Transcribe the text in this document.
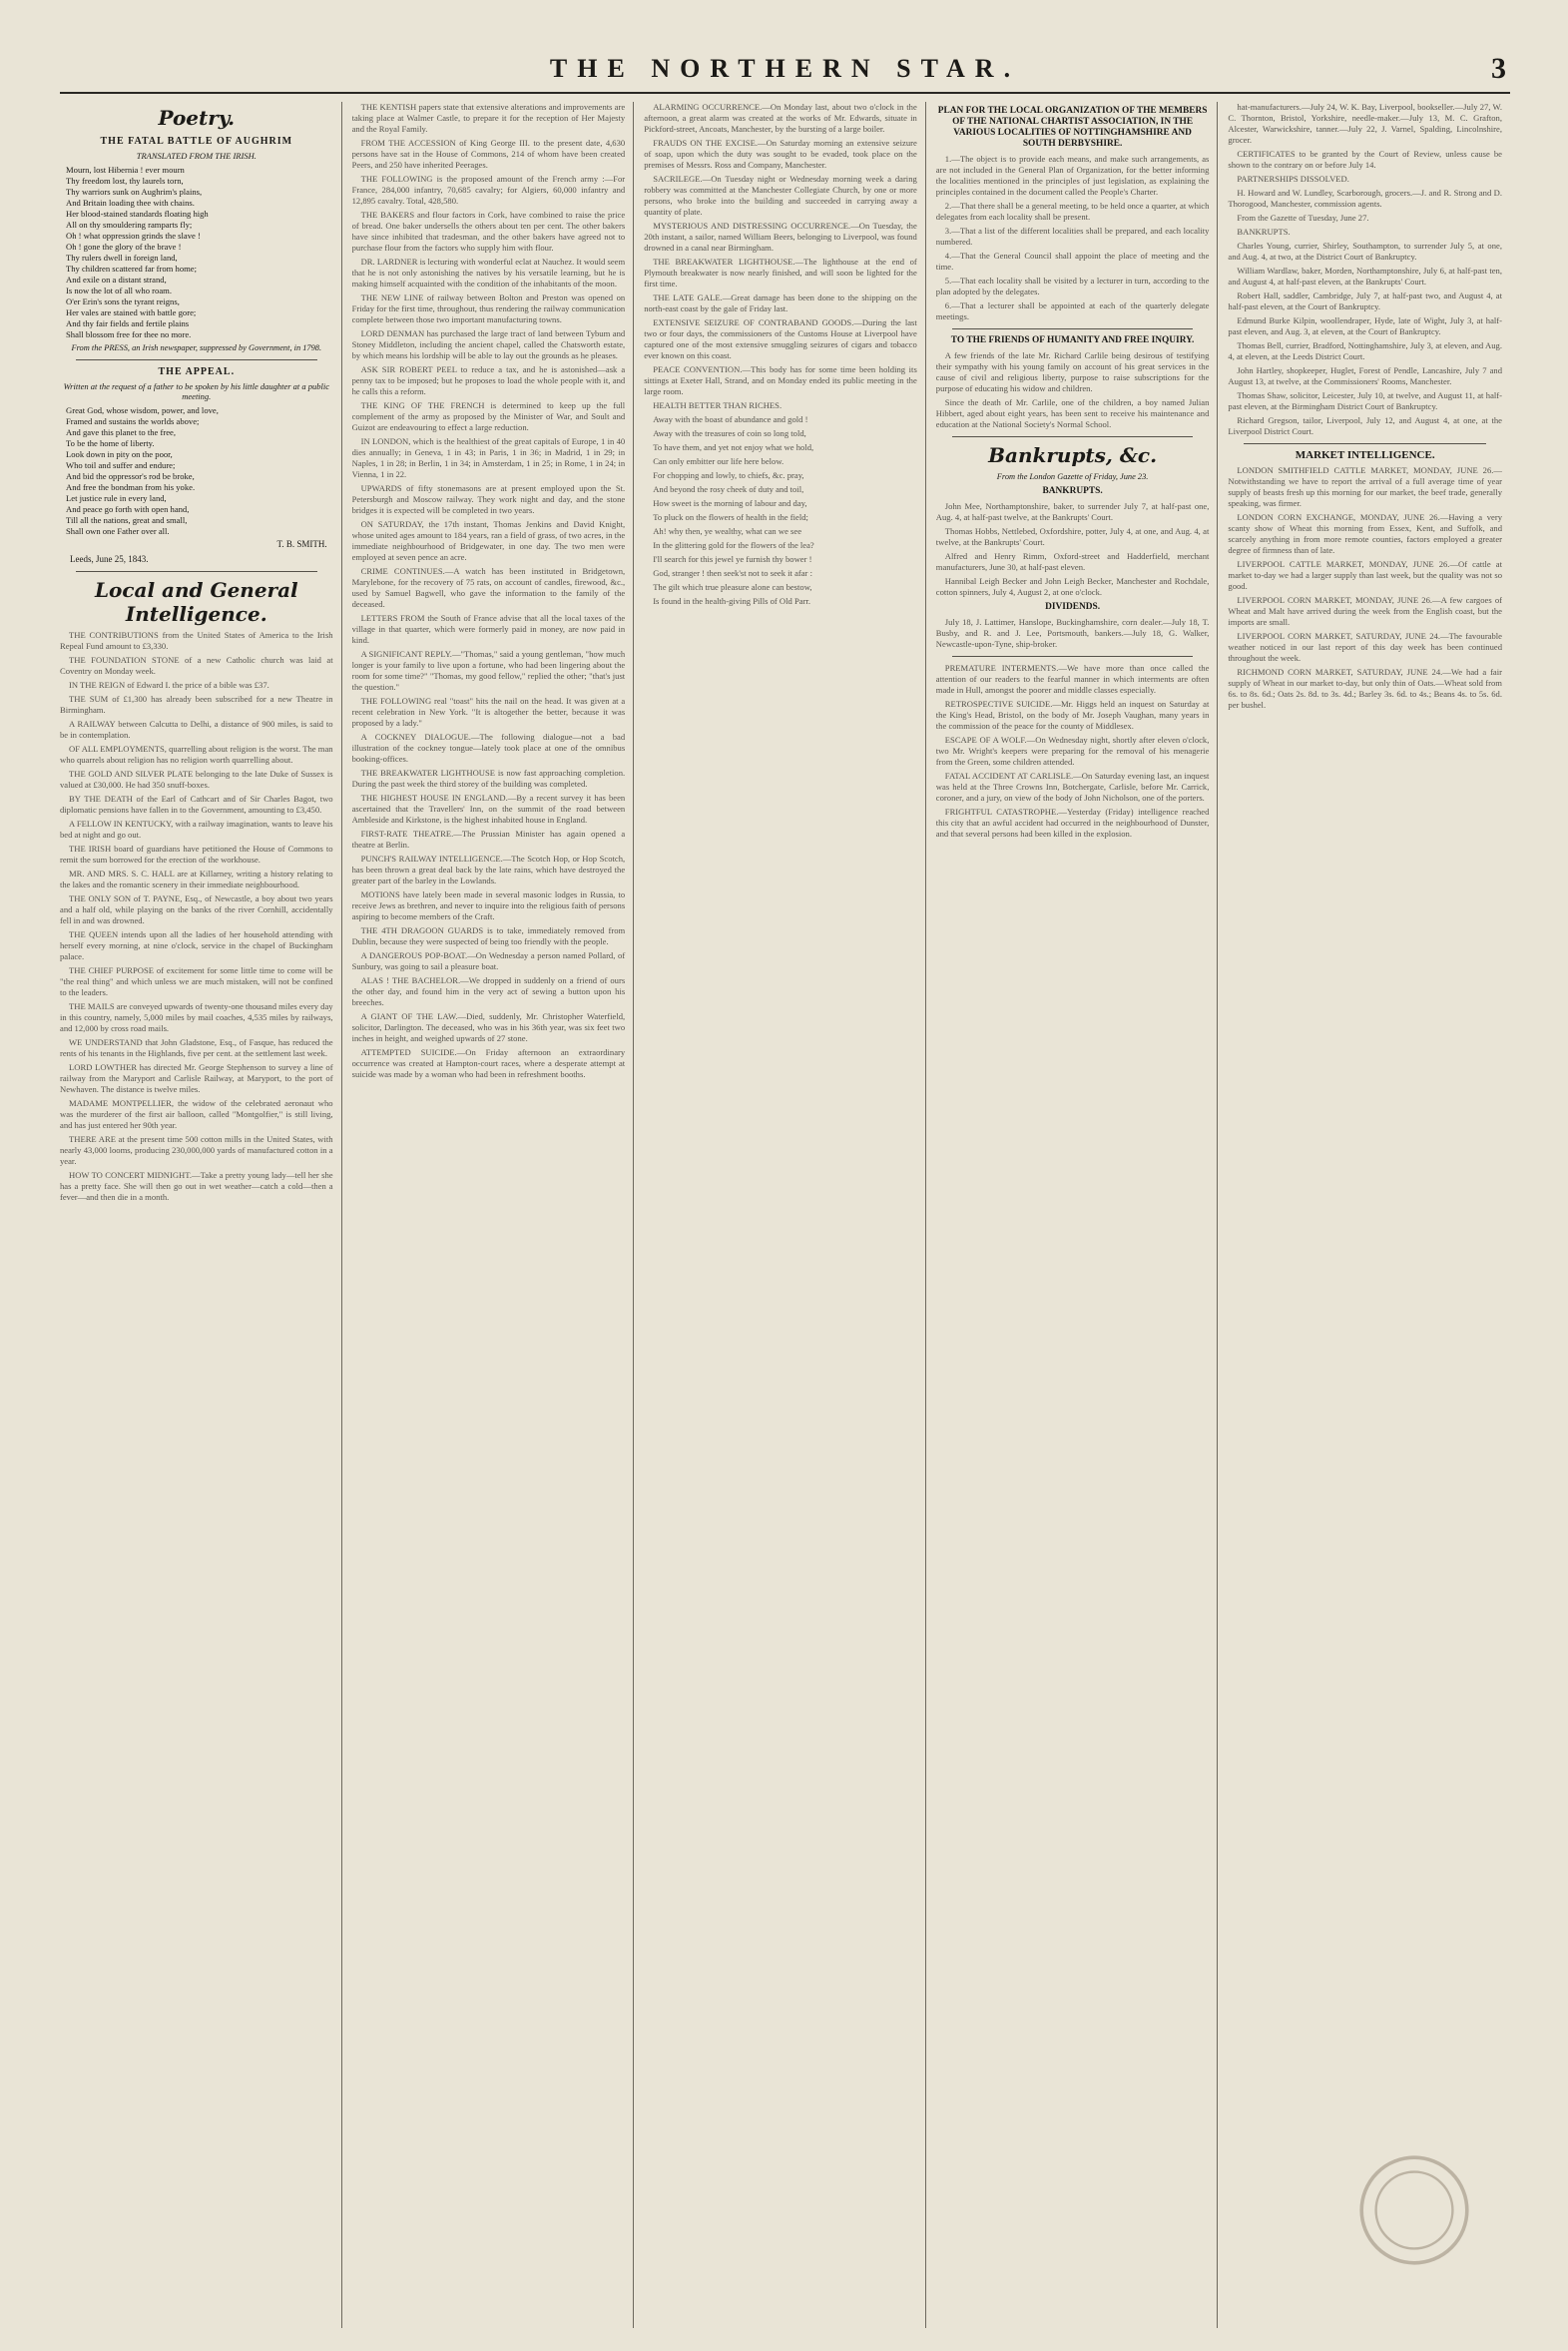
THE NORTHERN STAR.	3
Poetry.
THE FATAL BATTLE OF AUGHRIM
TRANSLATED FROM THE IRISH.

Mourn, lost Hibernia ! ever mourn

Thy freedom lost, thy laurels torn,

Thy warriors sunk on Aughrim's plains,

And Britain loading thee with chains.

Her blood-stained standards floating high

All on thy smouldering ramparts fly;

Oh ! what oppression grinds the slave !

Oh ! gone the glory of the brave !

Thy rulers dwell in foreign land,

Thy children scattered far from home;

And exile on a distant strand,

Is now the lot of all who roam.

O'er Erin's sons the tyrant reigns,

Her vales are stained with battle gore;

And thy fair fields and fertile plains

Shall blossom free for thee no more.

From the PRESS, an Irish newspaper, suppressed by Government, in 1798.
THE APPEAL.
Written at the request of a father to be spoken by his little daughter at a public meeting.

Great God, whose wisdom, power, and love,

Framed and sustains the worlds above;

And gave this planet to the free,

To be the home of liberty.

Look down in pity on the poor,

Who toil and suffer and endure;

And bid the oppressor's rod be broke,

And free the bondman from his yoke.

Let justice rule in every land,

And peace go forth with open hand,

Till all the nations, great and small,

Shall own one Father over all.

T. B. SMITH.
Leeds, June 25, 1843.
Local and General Intelligence.

THE CONTRIBUTIONS from the United States of America to the Irish Repeal Fund amount to £3,330.

THE FOUNDATION STONE of a new Catholic church was laid at Coventry on Monday week.

IN THE REIGN of Edward I. the price of a bible was £37.

THE SUM of £1,300 has already been subscribed for a new Theatre in Birmingham.

A RAILWAY between Calcutta to Delhi, a distance of 900 miles, is said to be in contemplation.

OF ALL EMPLOYMENTS, quarrelling about religion is the worst. The man who quarrels about religion has no religion worth quarrelling about.

THE GOLD AND SILVER PLATE belonging to the late Duke of Sussex is valued at £30,000. He had 350 snuff-boxes.

BY THE DEATH of the Earl of Cathcart and of Sir Charles Bagot, two diplomatic pensions have fallen in to the Government, amounting to £3,450.

A FELLOW IN KENTUCKY, with a railway imagination, wants to leave his bed at night and go out.

THE IRISH board of guardians have petitioned the House of Commons to remit the sum borrowed for the erection of the workhouse.

MR. AND MRS. S. C. HALL are at Killarney, writing a history relating to the lakes and the romantic scenery in their immediate neighbourhood.

THE ONLY SON of T. PAYNE, Esq., of Newcastle, a boy about two years and a half old, while playing on the banks of the river Cornhill, accidentally fell in and was drowned.

THE QUEEN intends upon all the ladies of her household attending with herself every morning, at nine o'clock, service in the chapel of Buckingham palace.

THE CHIEF PURPOSE of excitement for some little time to come will be "the real thing" and which unless we are much mistaken, will not be confined to the leaders.

THE MAILS are conveyed upwards of twenty-one thousand miles every day in this country, namely, 5,000 miles by mail coaches, 4,535 miles by railways, and 12,000 by cross road mails.

WE UNDERSTAND that John Gladstone, Esq., of Fasque, has reduced the rents of his tenants in the Highlands, five per cent. at the settlement last week.

LORD LOWTHER has directed Mr. George Stephenson to survey a line of railway from the Maryport and Carlisle Railway, at Maryport, to the port of Newhaven. The distance is twelve miles.

MADAME MONTPELLIER, the widow of the celebrated aeronaut who was the murderer of the first air balloon, called "Montgolfier," is still living, and has just entered her 90th year.

THERE ARE at the present time 500 cotton mills in the United States, with nearly 43,000 looms, producing 230,000,000 yards of manufactured cotton in a year.

HOW TO CONCERT MIDNIGHT.—Take a pretty young lady—tell her she has a pretty face. She will then go out in wet weather—catch a cold—then a fever—and then die in a month.

THE KENTISH papers state that extensive alterations and improvements are taking place at Walmer Castle, to prepare it for the reception of Her Majesty and the Royal Family.

FROM THE ACCESSION of King George III. to the present date, 4,630 persons have sat in the House of Commons, 214 of whom have been created Peers, and 250 have inherited Peerages.

THE FOLLOWING is the proposed amount of the French army :—For France, 284,000 infantry, 70,685 cavalry; for Algiers, 60,000 infantry and 12,895 cavalry. Total, 428,580.

THE BAKERS and flour factors in Cork, have combined to raise the price of bread. One baker undersells the others about ten per cent. The other bakers have since inhibited that tradesman, and the other bakers have agreed not to purchase flour from the factors who supply him with flour.

DR. LARDNER is lecturing with wonderful eclat at Nauchez. It would seem that he is not only astonishing the natives by his versatile learning, but he is making himself acquainted with the condition of the inhabitants of the moon.

THE NEW LINE of railway between Bolton and Preston was opened on Friday for the first time, throughout, thus rendering the railway communication complete between those two important manufacturing towns.

LORD DENMAN has purchased the large tract of land between Tybum and Stoney Middleton, including the ancient chapel, called the Chatsworth estate, by which means his lordship will be able to lay out the grounds as he pleases.

ASK SIR ROBERT PEEL to reduce a tax, and he is astonished—ask a penny tax to be imposed; but he proposes to load the whole people with it, and he calls this a reform.

THE KING OF THE FRENCH is determined to keep up the full complement of the army as proposed by the Minister of War, and Soult and Guizot are endeavouring to effect a large reduction.

IN LONDON, which is the healthiest of the great capitals of Europe, 1 in 40 dies annually; in Geneva, 1 in 43; in Paris, 1 in 36; in Madrid, 1 in 29; in Naples, 1 in 28; in Berlin, 1 in 34; in Amsterdam, 1 in 25; in Rome, 1 in 24; in Vienna, 1 in 22.

UPWARDS of fifty stonemasons are at present employed upon the St. Petersburgh and Moscow railway. They work night and day, and the stone bridges it is expected will be completed in two years.

ON SATURDAY, the 17th instant, Thomas Jenkins and David Knight, whose united ages amount to 184 years, ran a field of grass, of two acres, in the immediate neighbourhood of Bridgewater, in one day. The two men were employed at seven pence an acre.

CRIME CONTINUES.—A watch has been instituted in Bridgetown, Marylebone, for the recovery of 75 rats, on account of candles, firewood, &c., used by Samuel Bagwell, who gave the information to the family of the deceased.

LETTERS FROM the South of France advise that all the local taxes of the village in that quarter, which were formerly paid in money, are now paid in kind.

A SIGNIFICANT REPLY.—"Thomas," said a young gentleman, "how much longer is your family to live upon a fortune, who had been lingering about the room for some time?" "Thomas, my good fellow," replied the other; "that's just the question."

THE FOLLOWING real "toast" hits the nail on the head. It was given at a recent celebration in New York. "It is altogether the better, because it was proposed by a lady."

A COCKNEY DIALOGUE.—The following dialogue—not a bad illustration of the cockney tongue—lately took place at one of the omnibus booking-offices.

THE BREAKWATER LIGHTHOUSE is now fast approaching completion. During the past week the third storey of the building was completed.

THE HIGHEST HOUSE IN ENGLAND.—By a recent survey it has been ascertained that the Travellers' Inn, on the summit of the road between Ambleside and Kirkstone, is the highest inhabited house in England.

FIRST-RATE THEATRE.—The Prussian Minister has again opened a theatre at Berlin.

PUNCH'S RAILWAY INTELLIGENCE.—The Scotch Hop, or Hop Scotch, has been thrown a great deal back by the late rains, which have destroyed the greater part of the barley in the Lowlands.

MOTIONS have lately been made in several masonic lodges in Russia, to receive Jews as brethren, and never to inquire into the religious faith of persons aspiring to become members of the Craft.

THE 4TH DRAGOON GUARDS is to take, immediately removed from Dublin, because they were suspected of being too friendly with the people.

A DANGEROUS POP-BOAT.—On Wednesday a person named Pollard, of Sunbury, was going to sail a pleasure boat.

ALAS ! THE BACHELOR.—We dropped in suddenly on a friend of ours the other day, and found him in the very act of sewing a button upon his breeches.

A GIANT OF THE LAW.—Died, suddenly, Mr. Christopher Waterfield, solicitor, Darlington. The deceased, who was in his 36th year, was six feet two inches in height, and weighed upwards of 27 stone.

ATTEMPTED SUICIDE.—On Friday afternoon an extraordinary occurrence was created at Hampton-court races, where a desperate attempt at suicide was made by a woman who had been in refreshment booths.

ALARMING OCCURRENCE.—On Monday last, about two o'clock in the afternoon, a great alarm was created at the works of Mr. Edwards, situate in Pickford-street, Ancoats, Manchester, by the bursting of a large boiler.

FRAUDS ON THE EXCISE.—On Saturday morning an extensive seizure of soap, upon which the duty was sought to be evaded, took place on the premises of Messrs. Ross and Company, Manchester.

SACRILEGE.—On Tuesday night or Wednesday morning week a daring robbery was committed at the Manchester Collegiate Church, by one or more persons, who broke into the building and succeeded in carrying away a quantity of plate.

MYSTERIOUS AND DISTRESSING OCCURRENCE.—On Tuesday, the 20th instant, a sailor, named William Beers, belonging to Liverpool, was found drowned in a canal near Birmingham.

THE BREAKWATER LIGHTHOUSE.—The lighthouse at the end of Plymouth breakwater is now nearly finished, and will soon be lighted for the first time.

THE LATE GALE.—Great damage has been done to the shipping on the north-east coast by the gale of Friday last.

EXTENSIVE SEIZURE OF CONTRABAND GOODS.—During the last two or four days, the commissioners of the Customs House at Liverpool have captured one of the most extensive smuggling seizures of cigars and tobacco ever known on this coast.

PEACE CONVENTION.—This body has for some time been holding its sittings at Exeter Hall, Strand, and on Monday ended its public meeting in the large room.

HEALTH BETTER THAN RICHES.

Away with the boast of abundance and gold !

Away with the treasures of coin so long told,

To have them, and yet not enjoy what we hold,

Can only embitter our life here below.

For chopping and lowly, to chiefs, &c. pray,

And beyond the rosy cheek of duty and toil,

How sweet is the morning of labour and day,

To pluck on the flowers of health in the field;

Ah! why then, ye wealthy, what can we see

In the glittering gold for the flowers of the lea?

I'll search for this jewel ye furnish thy bower !

God, stranger ! then seek'st not to seek it afar :

The gilt which true pleasure alone can bestow,

Is found in the health-giving Pills of Old Parr.

PLAN FOR THE LOCAL ORGANIZATION OF THE MEMBERS OF THE NATIONAL CHARTIST ASSOCIATION, IN THE VARIOUS LOCALITIES OF NOTTINGHAMSHIRE AND SOUTH DERBYSHIRE.

1.—The object is to provide each means, and make such arrangements, as are not included in the General Plan of Organization, for the better informing the localities mentioned in the principles of just legislation, as explaining the principles contained in the document called the People's Charter.

2.—That there shall be a general meeting, to be held once a quarter, at which delegates from each locality shall be present.

3.—That a list of the different localities shall be prepared, and each locality numbered.

4.—That the General Council shall appoint the place of meeting and the time.

5.—That each locality shall be visited by a lecturer in turn, according to the plan adopted by the delegates.

6.—That a lecturer shall be appointed at each of the quarterly delegate meetings.

TO THE FRIENDS OF HUMANITY AND FREE INQUIRY.

A few friends of the late Mr. Richard Carlile being desirous of testifying their sympathy with his young family on account of his great services in the cause of civil and religious liberty, purpose to raise subscriptions for the purpose of educating his widow and children.

Since the death of Mr. Carlile, one of the children, a boy named Julian Hibbert, aged about eight years, has been sent to receive his maintenance and education at the National Society's Normal School.

Bankrupts, &c.
From the London Gazette of Friday, June 23.
BANKRUPTS.

John Mee, Northamptonshire, baker, to surrender July 7, at half-past one, Aug. 4, at half-past twelve, at the Bankrupts' Court.

Thomas Hobbs, Nettlebed, Oxfordshire, potter, July 4, at one, and Aug. 4, at twelve, at the Bankrupts' Court.

Alfred and Henry Rimm, Oxford-street and Hadderfield, merchant manufacturers, June 30, at half-past eleven.

Hannibal Leigh Becker and John Leigh Becker, Manchester and Rochdale, cotton spinners, July 4, August 2, at one o'clock.

DIVIDENDS.

July 18, J. Lattimer, Hanslope, Buckinghamshire, corn dealer.—July 18, T. Busby, and R. and J. Lee, Portsmouth, bankers.—July 18, G. Walker, Newcastle-upon-Tyne, ship-broker.

PREMATURE INTERMENTS.—We have more than once called the attention of our readers to the fearful manner in which interments are often made in Hull, amongst the poorer and middle classes especially.

RETROSPECTIVE SUICIDE.—Mr. Higgs held an inquest on Saturday at the King's Head, Bristol, on the body of Mr. Joseph Vaughan, many years in the commission of the peace for the county of Middlesex.

ESCAPE OF A WOLF.—On Wednesday night, shortly after eleven o'clock, two Mr. Wright's keepers were preparing for the removal of his menagerie from the Green, some children attended.

FATAL ACCIDENT AT CARLISLE.—On Saturday evening last, an inquest was held at the Three Crowns Inn, Botchergate, Carlisle, before Mr. Carrick, coroner, and a jury, on view of the body of John Nicholson, one of the porters.

FRIGHTFUL CATASTROPHE.—Yesterday (Friday) intelligence reached this city that an awful accident had occurred in the neighbourhood of Dunster, and that several persons had been killed in the explosion.

hat-manufacturers.—July 24, W. K. Bay, Liverpool, bookseller.—July 27, W. C. Thornton, Bristol, Yorkshire, needle-maker.—July 13, M. C. Grafton, Alcester, Warwickshire, tanner.—July 22, J. Varnel, Spalding, Lincolnshire, grocer.

CERTIFICATES to be granted by the Court of Review, unless cause be shown to the contrary on or before July 14.

PARTNERSHIPS DISSOLVED.

H. Howard and W. Lundley, Scarborough, grocers.—J. and R. Strong and D. Thorogood, Manchester, commission agents.

From the Gazette of Tuesday, June 27.

BANKRUPTS.

Charles Young, currier, Shirley, Southampton, to surrender July 5, at one, and Aug. 4, at two, at the District Court of Bankruptcy.

William Wardlaw, baker, Morden, Northamptonshire, July 6, at half-past ten, and August 4, at half-past eleven, at the Bankrupts' Court.

Robert Hall, saddler, Cambridge, July 7, at half-past two, and August 4, at half-past eleven, at the Court of Bankruptcy.

Edmund Burke Kilpin, woollendraper, Hyde, late of Wight, July 3, at half-past eleven, and Aug. 3, at eleven, at the Court of Bankruptcy.

Thomas Bell, currier, Bradford, Nottinghamshire, July 3, at eleven, and Aug. 4, at eleven, at the Leeds District Court.

John Hartley, shopkeeper, Huglet, Forest of Pendle, Lancashire, July 7 and August 13, at twelve, at the Commissioners' Rooms, Manchester.

Thomas Shaw, solicitor, Leicester, July 10, at twelve, and August 11, at half-past eleven, at the Birmingham District Court of Bankruptcy.

Richard Gregson, tailor, Liverpool, July 12, and August 4, at one, at the Liverpool District Court.

MARKET INTELLIGENCE.

LONDON SMITHFIELD CATTLE MARKET, MONDAY, JUNE 26.—Notwithstanding we have to report the arrival of a full average time of year supply of beasts fresh up this morning for our market, the beef trade, generally speaking, was firmer.

LONDON CORN EXCHANGE, MONDAY, JUNE 26.—Having a very scanty show of Wheat this morning from Essex, Kent, and Suffolk, and scarcely anything in from more remote counties, factors employed a greater degree of firmness than of late.

LIVERPOOL CATTLE MARKET, MONDAY, JUNE 26.—Of cattle at market to-day we had a larger supply than last week, but the quality was not so good.

LIVERPOOL CORN MARKET, MONDAY, JUNE 26.—A few cargoes of Wheat and Malt have arrived during the week from the English coast, but the imports are small.

LIVERPOOL CORN MARKET, SATURDAY, JUNE 24.—The favourable weather noticed in our last report of this day week has been continued throughout the week.

RICHMOND CORN MARKET, SATURDAY, JUNE 24.—We had a fair supply of Wheat in our market to-day, but only thin of Oats.—Wheat sold from 6s. to 8s. 6d.; Oats 2s. 8d. to 3s. 4d.; Barley 3s. 6d. to 4s.; Beans 4s. to 5s. 6d. per bushel.
